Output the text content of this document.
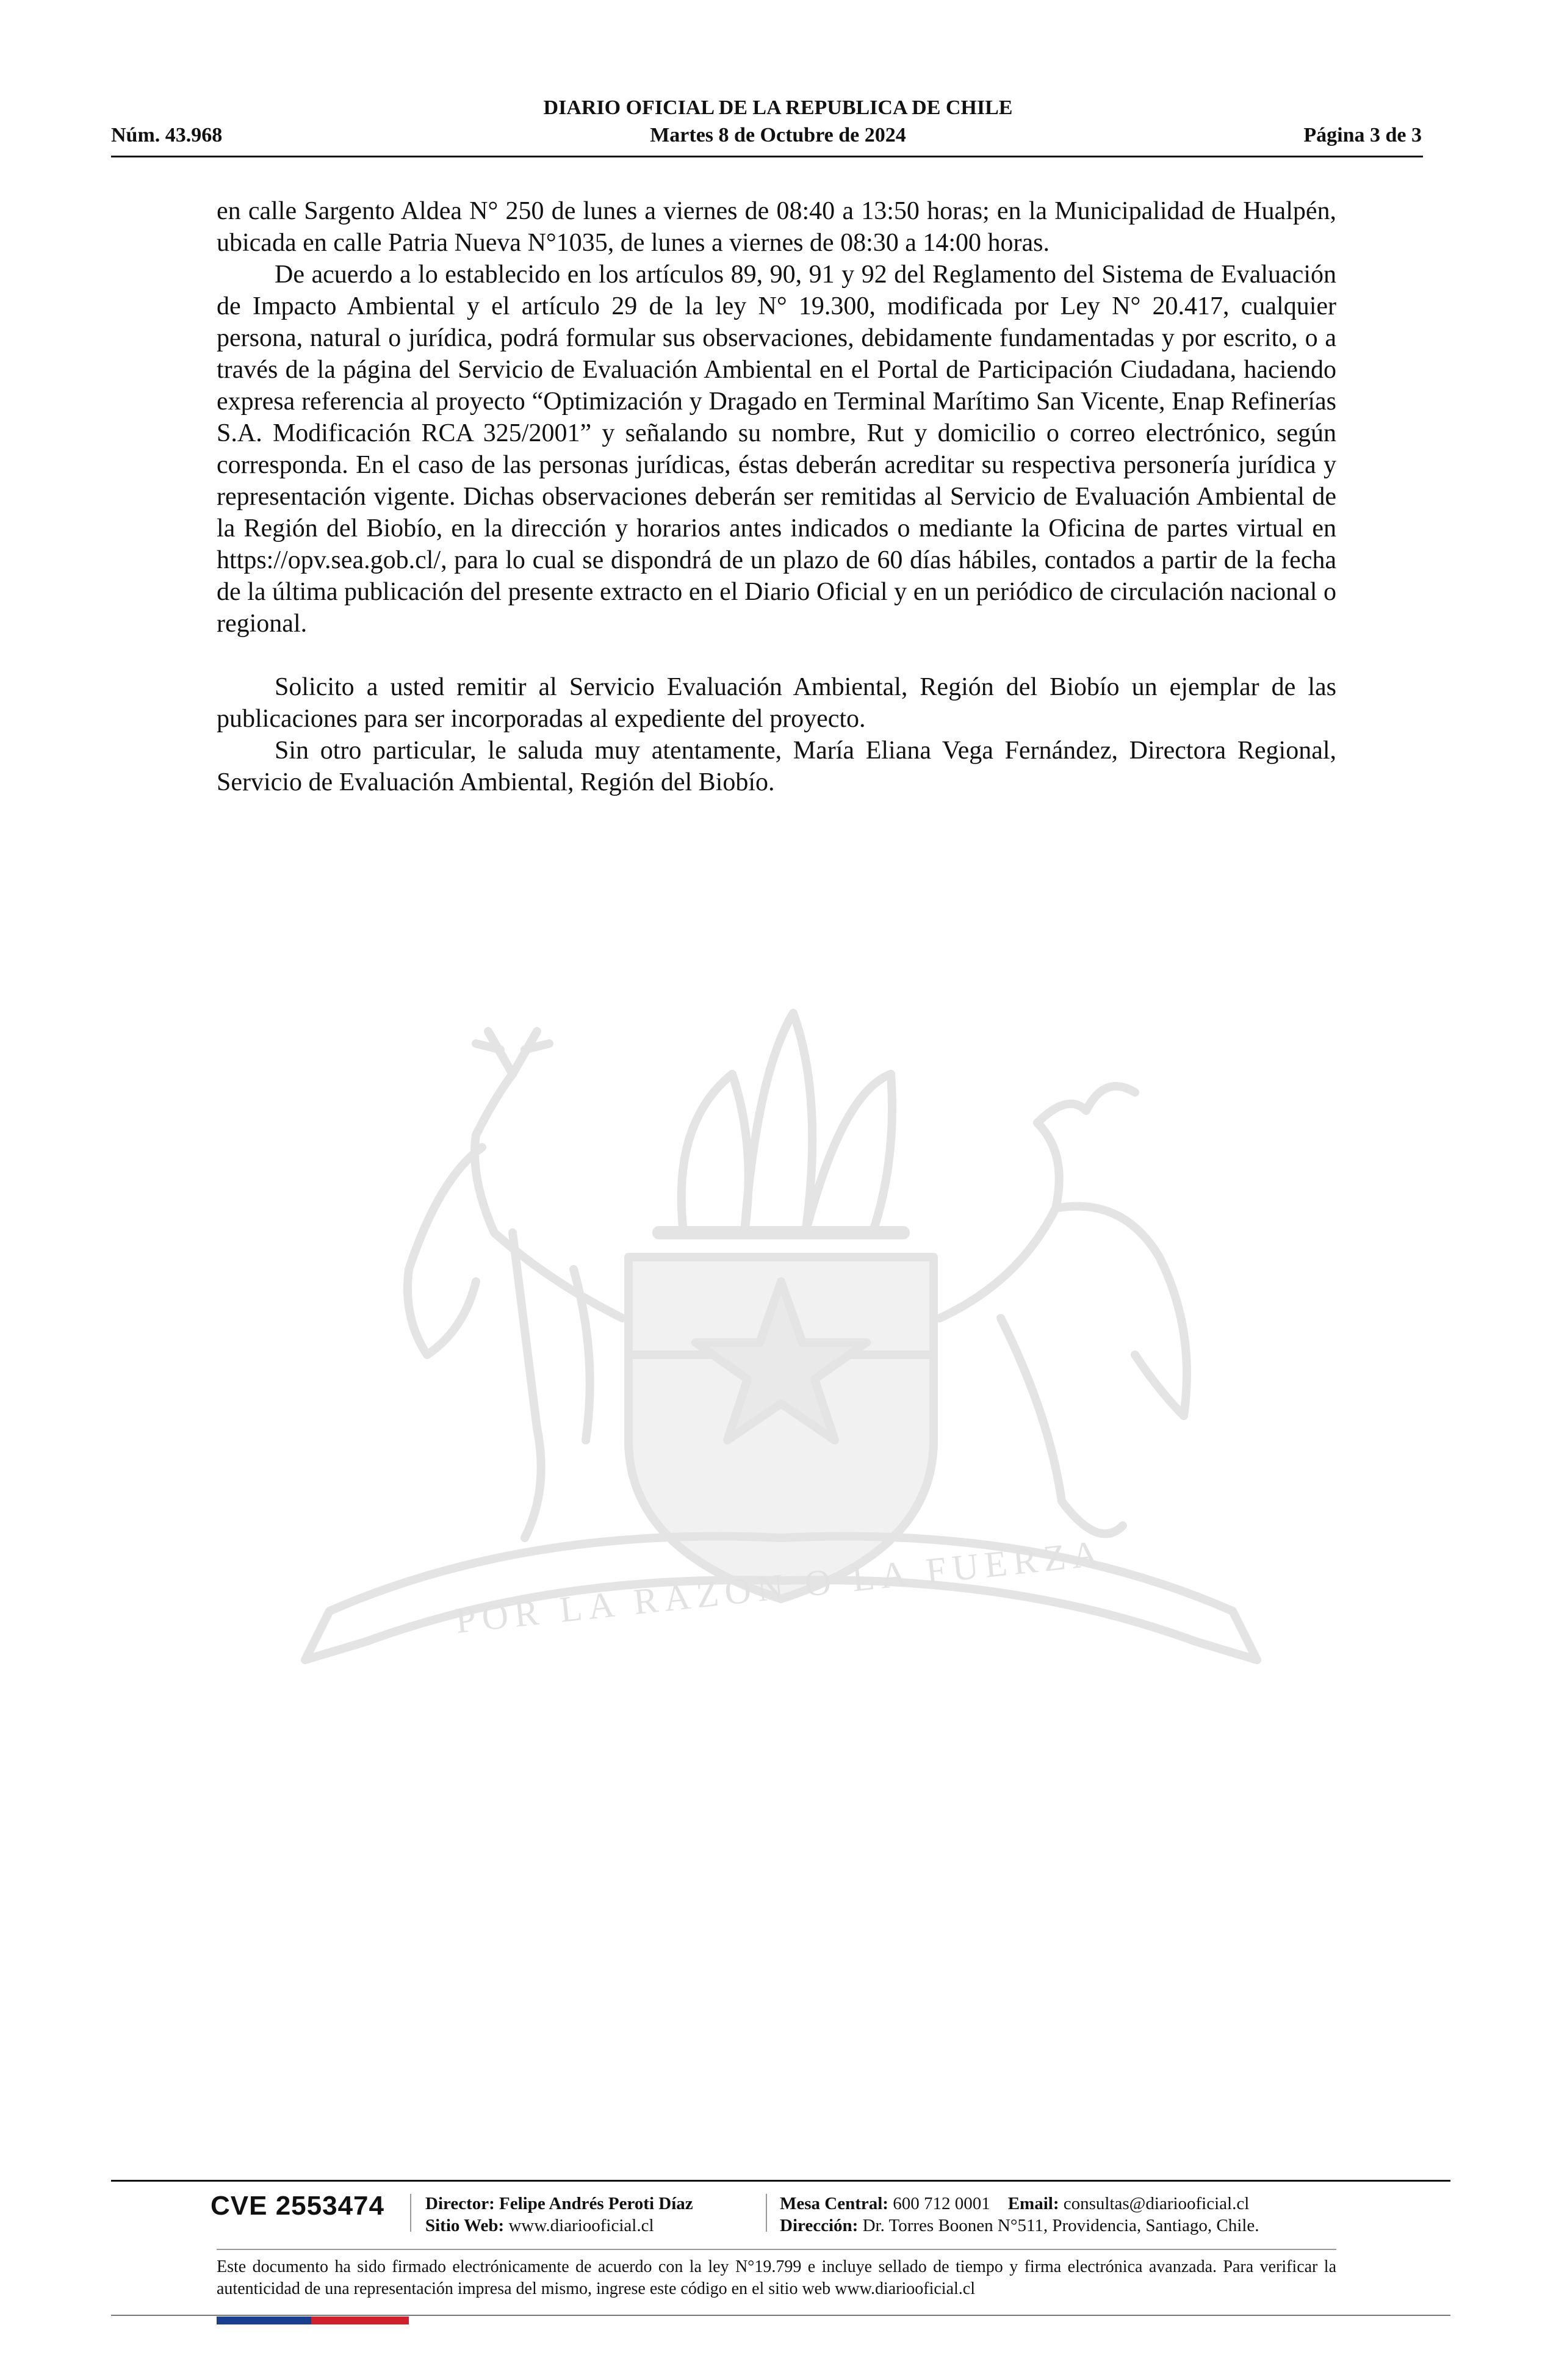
DIARIO OFICIAL DE LA REPUBLICA DE CHILE
Núm. 43.968	Martes 8 de Octubre de 2024	Página 3 de 3

en calle Sargento Aldea N° 250 de lunes a viernes de 08:40 a 13:50 horas; en la Municipalidad de Hualpén, ubicada en calle Patria Nueva N°1035, de lunes a viernes de 08:30 a 14:00 horas.

De acuerdo a lo establecido en los artículos 89, 90, 91 y 92 del Reglamento del Sistema de Evaluación de Impacto Ambiental y el artículo 29 de la ley N° 19.300, modificada por Ley N° 20.417, cualquier persona, natural o jurídica, podrá formular sus observaciones, debidamente fundamentadas y por escrito, o a través de la página del Servicio de Evaluación Ambiental en el Portal de Participación Ciudadana, haciendo expresa referencia al proyecto “Optimización y Dragado en Terminal Marítimo San Vicente, Enap Refinerías S.A. Modificación RCA 325/2001” y señalando su nombre, Rut y domicilio o correo electrónico, según corresponda. En el caso de las personas jurídicas, éstas deberán acreditar su respectiva personería jurídica y representación vigente. Dichas observaciones deberán ser remitidas al Servicio de Evaluación Ambiental de la Región del Biobío, en la dirección y horarios antes indicados o mediante la Oficina de partes virtual en https://opv.sea.gob.cl/, para lo cual se dispondrá de un plazo de 60 días hábiles, contados a partir de la fecha de la última publicación del presente extracto en el Diario Oficial y en un periódico de circulación nacional o regional.

Solicito a usted remitir al Servicio Evaluación Ambiental, Región del Biobío un ejemplar de las publicaciones para ser incorporadas al expediente del proyecto.

Sin otro particular, le saluda muy atentamente, María Eliana Vega Fernández, Directora Regional, Servicio de Evaluación Ambiental, Región del Biobío.

POR LA RAZON O LA FUERZA
CVE 2553474 Director: Felipe Andrés Peroti Díaz
Sitio Web: www.diariooficial.cl
Mesa Central: 600 712 0001 Email: consultas@diariooficial.cl
Dirección: Dr. Torres Boonen N°511, Providencia, Santiago, Chile.
Este documento ha sido firmado electrónicamente de acuerdo con la ley N°19.799 e incluye sellado de tiempo y firma electrónica avanzada. Para verificar la autenticidad de una representación impresa del mismo, ingrese este código en el sitio web www.diariooficial.cl
